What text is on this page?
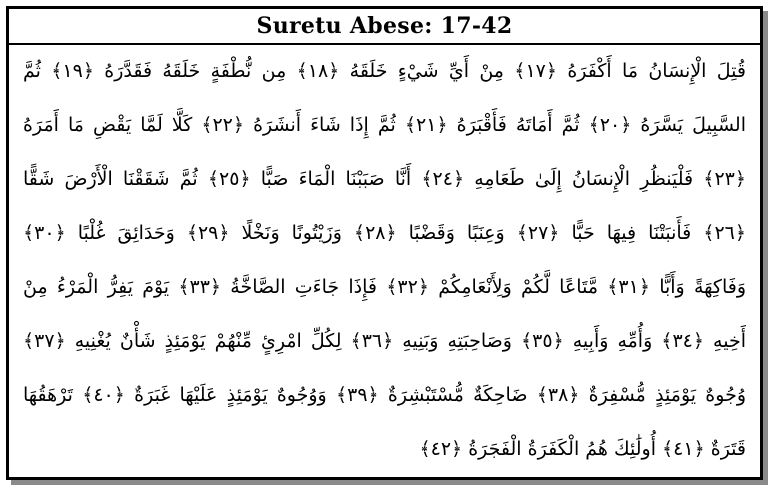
Suretu Abese: 17-42
قُتِلَ الْإِنسَانُ مَا أَكْفَرَهُ ﴿١٧﴾ مِنْ أَيِّ شَيْءٍ خَلَقَهُ ﴿١٨﴾ مِن نُّطْفَةٍ خَلَقَهُ فَقَدَّرَهُ ﴿١٩﴾ ثُمَّ
السَّبِيلَ يَسَّرَهُ ﴿٢٠﴾ ثُمَّ أَمَاتَهُ فَأَقْبَرَهُ ﴿٢١﴾ ثُمَّ إِذَا شَاءَ أَنشَرَهُ ﴿٢٢﴾ كَلَّا لَمَّا يَقْضِ مَا أَمَرَهُ
﴿٢٣﴾ فَلْيَنظُرِ الْإِنسَانُ إِلَىٰ طَعَامِهِ ﴿٢٤﴾ أَنَّا صَبَبْنَا الْمَاءَ صَبًّا ﴿٢٥﴾ ثُمَّ شَقَقْنَا الْأَرْضَ شَقًّا
﴿٢٦﴾ فَأَنبَتْنَا فِيهَا حَبًّا ﴿٢٧﴾ وَعِنَبًا وَقَضْبًا ﴿٢٨﴾ وَزَيْتُونًا وَنَخْلًا ﴿٢٩﴾ وَحَدَائِقَ غُلْبًا ﴿٣٠﴾
وَفَاكِهَةً وَأَبًّا ﴿٣١﴾ مَّتَاعًا لَّكُمْ وَلِأَنْعَامِكُمْ ﴿٣٢﴾ فَإِذَا جَاءَتِ الصَّاخَّةُ ﴿٣٣﴾ يَوْمَ يَفِرُّ الْمَرْءُ مِنْ
أَخِيهِ ﴿٣٤﴾ وَأُمِّهِ وَأَبِيهِ ﴿٣٥﴾ وَصَاحِبَتِهِ وَبَنِيهِ ﴿٣٦﴾ لِكُلِّ امْرِئٍ مِّنْهُمْ يَوْمَئِذٍ شَأْنٌ يُغْنِيهِ ﴿٣٧﴾
وُجُوهٌ يَوْمَئِذٍ مُّسْفِرَةٌ ﴿٣٨﴾ ضَاحِكَةٌ مُّسْتَبْشِرَةٌ ﴿٣٩﴾ وَوُجُوهٌ يَوْمَئِذٍ عَلَيْهَا غَبَرَةٌ ﴿٤٠﴾ تَرْهَقُهَا
قَتَرَةٌ ﴿٤١﴾ أُولَٰئِكَ هُمُ الْكَفَرَةُ الْفَجَرَةُ ﴿٤٢﴾
